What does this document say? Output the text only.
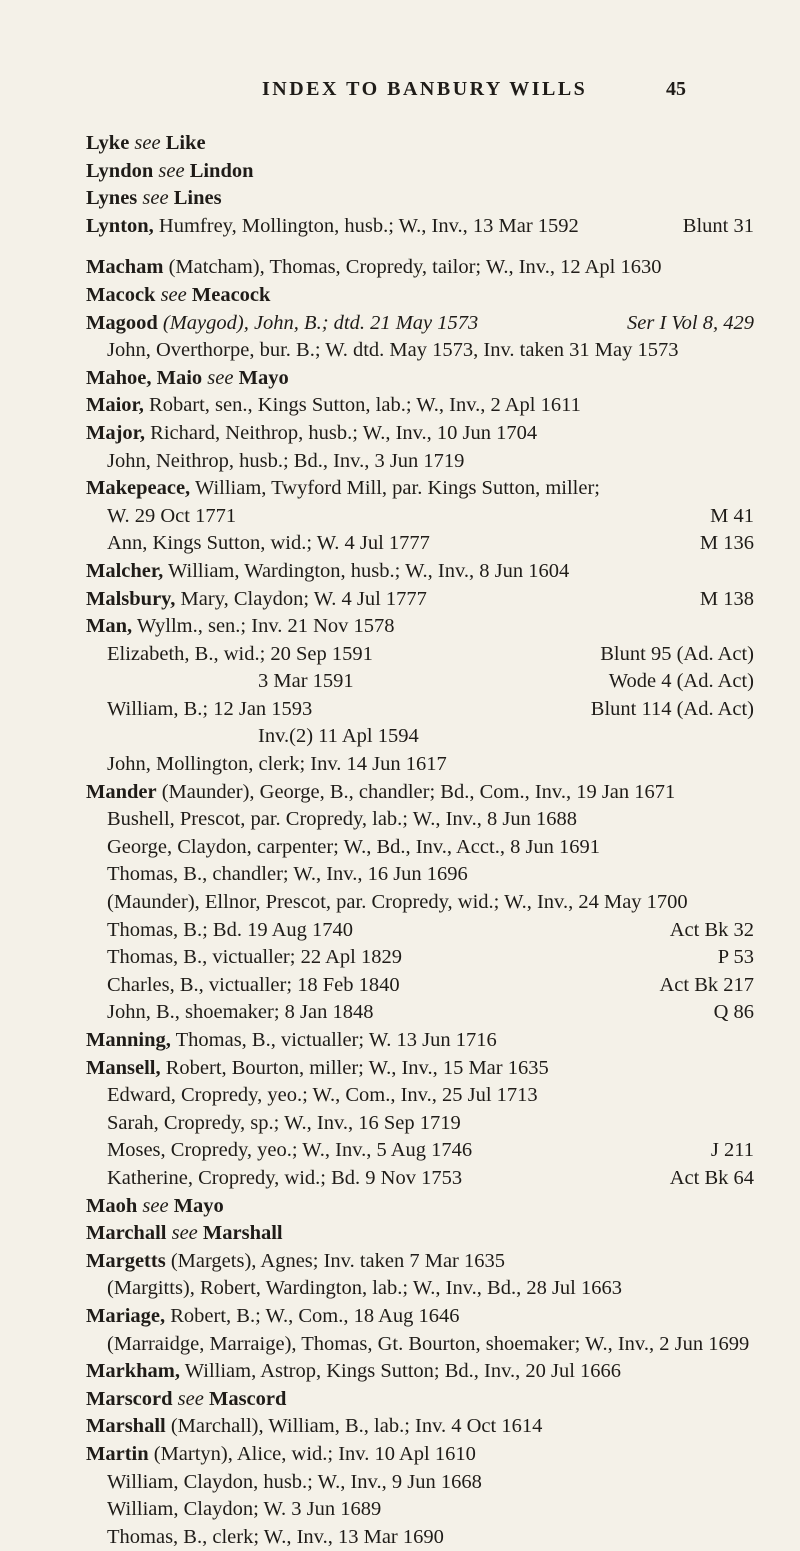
INDEX TO BANBURY WILLS	45
Lyke see Like
Lyndon see Lindon
Lynes see Lines
Lynton, Humfrey, Mollington, husb.; W., Inv., 13 Mar 1592	Blunt 31
Macham (Matcham), Thomas, Cropredy, tailor; W., Inv., 12 Apl 1630
Macock see Meacock
Magood (Maygod), John, B.; dtd. 21 May 1573	Ser I Vol 8, 429
John, Overthorpe, bur. B.; W. dtd. May 1573, Inv. taken 31 May 1573
Mahoe, Maio see Mayo
Maior, Robart, sen., Kings Sutton, lab.; W., Inv., 2 Apl 1611
Major, Richard, Neithrop, husb.; W., Inv., 10 Jun 1704
John, Neithrop, husb.; Bd., Inv., 3 Jun 1719
Makepeace, William, Twyford Mill, par. Kings Sutton, miller;
W. 29 Oct 1771	M 41
Ann, Kings Sutton, wid.; W. 4 Jul 1777	M 136
Malcher, William, Wardington, husb.; W., Inv., 8 Jun 1604
Malsbury, Mary, Claydon; W. 4 Jul 1777	M 138
Man, Wyllm., sen.; Inv. 21 Nov 1578
Elizabeth, B., wid.; 20 Sep 1591	Blunt 95 (Ad. Act)
3 Mar 1591	Wode 4 (Ad. Act)
William, B.; 12 Jan 1593	Blunt 114 (Ad. Act)
Inv.(2) 11 Apl 1594
John, Mollington, clerk; Inv. 14 Jun 1617
Mander (Maunder), George, B., chandler; Bd., Com., Inv., 19 Jan 1671
Bushell, Prescot, par. Cropredy, lab.; W., Inv., 8 Jun 1688
George, Claydon, carpenter; W., Bd., Inv., Acct., 8 Jun 1691
Thomas, B., chandler; W., Inv., 16 Jun 1696
(Maunder), Ellnor, Prescot, par. Cropredy, wid.; W., Inv., 24 May 1700
Thomas, B.; Bd. 19 Aug 1740	Act Bk 32
Thomas, B., victualler; 22 Apl 1829	P 53
Charles, B., victualler; 18 Feb 1840	Act Bk 217
John, B., shoemaker; 8 Jan 1848	Q 86
Manning, Thomas, B., victualler; W. 13 Jun 1716
Mansell, Robert, Bourton, miller; W., Inv., 15 Mar 1635
Edward, Cropredy, yeo.; W., Com., Inv., 25 Jul 1713
Sarah, Cropredy, sp.; W., Inv., 16 Sep 1719
Moses, Cropredy, yeo.; W., Inv., 5 Aug 1746	J 211
Katherine, Cropredy, wid.; Bd. 9 Nov 1753	Act Bk 64
Maoh see Mayo
Marchall see Marshall
Margetts (Margets), Agnes; Inv. taken 7 Mar 1635
(Margitts), Robert, Wardington, lab.; W., Inv., Bd., 28 Jul 1663
Mariage, Robert, B.; W., Com., 18 Aug 1646
(Marraidge, Marraige), Thomas, Gt. Bourton, shoemaker; W., Inv., 2 Jun 1699
Markham, William, Astrop, Kings Sutton; Bd., Inv., 20 Jul 1666
Marscord see Mascord
Marshall (Marchall), William, B., lab.; Inv. 4 Oct 1614
Martin (Martyn), Alice, wid.; Inv. 10 Apl 1610
William, Claydon, husb.; W., Inv., 9 Jun 1668
William, Claydon; W. 3 Jun 1689
Thomas, B., clerk; W., Inv., 13 Mar 1690
